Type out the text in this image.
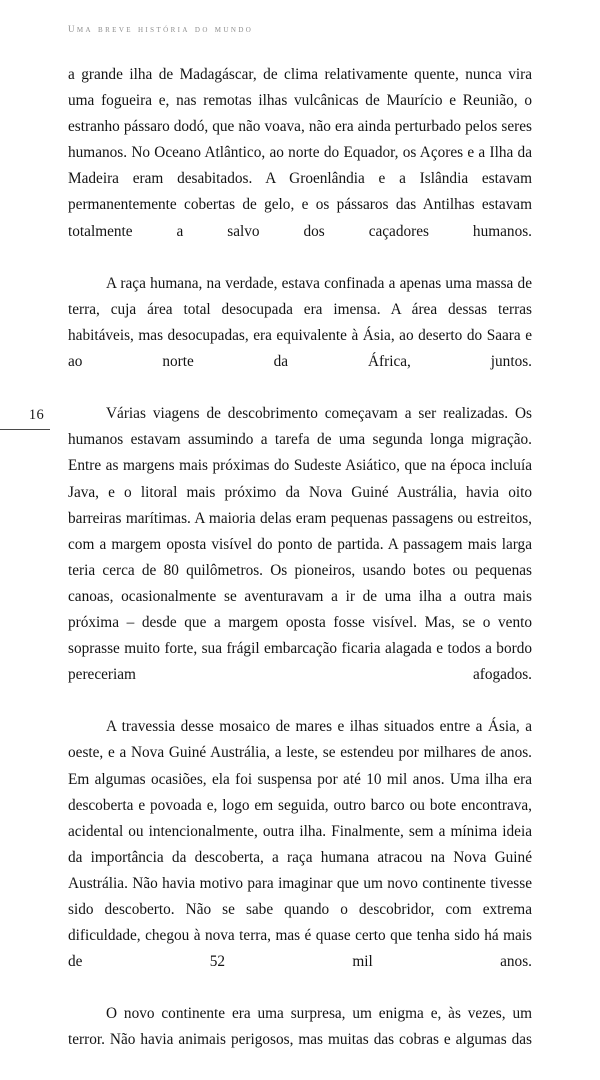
uma breve história do mundo
16

a grande ilha de Madagáscar, de clima relativamente quente, nunca vira uma fogueira e, nas remotas ilhas vulcânicas de Maurício e Reunião, o estranho pássaro dodó, que não voava, não era ainda perturbado pelos seres humanos. No Oceano Atlântico, ao norte do Equador, os Açores e a Ilha da Madeira eram desabitados. A Groenlândia e a Islândia estavam permanentemente cobertas de gelo, e os pássaros das Antilhas estavam totalmente a salvo dos caçadores humanos.

A raça humana, na verdade, estava confinada a apenas uma massa de terra, cuja área total desocupada era imensa. A área dessas terras habitáveis, mas desocupadas, era equivalente à Ásia, ao deserto do Saara e ao norte da África, juntos.

Várias viagens de descobrimento começavam a ser realizadas. Os humanos estavam assumindo a tarefa de uma segunda longa migração. Entre as margens mais próximas do Sudeste Asiático, que na época incluía Java, e o litoral mais próximo da Nova Guiné Austrália, havia oito barreiras marítimas. A maioria delas eram pequenas passagens ou estreitos, com a margem oposta visível do ponto de partida. A passagem mais larga teria cerca de 80 quilômetros. Os pioneiros, usando botes ou pequenas canoas, ocasionalmente se aventuravam a ir de uma ilha a outra mais próxima – desde que a margem oposta fosse visível. Mas, se o vento soprasse muito forte, sua frágil embarcação ficaria alagada e todos a bordo pereceriam afogados.

A travessia desse mosaico de mares e ilhas situados entre a Ásia, a oeste, e a Nova Guiné Austrália, a leste, se estendeu por milhares de anos. Em algumas ocasiões, ela foi suspensa por até 10 mil anos. Uma ilha era descoberta e povoada e, logo em seguida, outro barco ou bote encontrava, acidental ou intencionalmente, outra ilha. Finalmente, sem a mínima ideia da importância da descoberta, a raça humana atracou na Nova Guiné Austrália. Não havia motivo para imaginar que um novo continente tivesse sido descoberto. Não se sabe quando o descobridor, com extrema dificuldade, chegou à nova terra, mas é quase certo que tenha sido há mais de 52 mil anos.

O novo continente era uma surpresa, um enigma e, às vezes, um terror. Não havia animais perigosos, mas muitas das cobras e algumas das
